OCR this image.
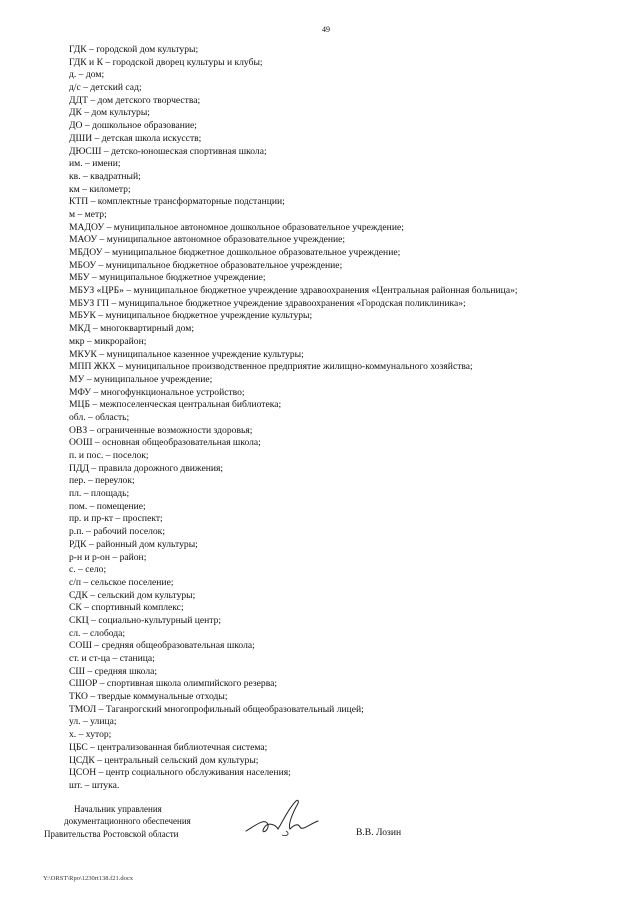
49
ГДК – городской дом культуры;
ГДК и К – городской дворец культуры и клубы;
д. – дом;
д/с – детский сад;
ДДТ – дом детского творчества;
ДК – дом культуры;
ДО – дошкольное образование;
ДШИ – детская школа искусств;
ДЮСШ – детско-юношеская спортивная школа;
им. – имени;
кв. – квадратный;
км – километр;
КТП – комплектные трансформаторные подстанции;
м – метр;
МАДОУ – муниципальное автономное дошкольное образовательное учреждение;
МАОУ – муниципальное автономное образовательное учреждение;
МБДОУ – муниципальное бюджетное дошкольное образовательное учреждение;
МБОУ – муниципальное бюджетное образовательное учреждение;
МБУ – муниципальное бюджетное учреждение;
МБУЗ «ЦРБ» – муниципальное бюджетное учреждение здравоохранения «Центральная районная больница»;
МБУЗ ГП – муниципальное бюджетное учреждение здравоохранения «Городская поликлиника»;
МБУК – муниципальное бюджетное учреждение культуры;
МКД – многоквартирный дом;
мкр – микрорайон;
МКУК – муниципальное казенное учреждение культуры;
МПП ЖКХ – муниципальное производственное предприятие жилищно-коммунального хозяйства;
МУ – муниципальное учреждение;
МФУ – многофункциональное устройство;
МЦБ – межпоселенческая центральная библиотека;
обл. – область;
ОВЗ – ограниченные возможности здоровья;
ООШ – основная общеобразовательная школа;
п. и пос. – поселок;
ПДД – правила дорожного движения;
пер. – переулок;
пл. – площадь;
пом. – помещение;
пр. и пр-кт – проспект;
р.п. – рабочий поселок;
РДК – районный дом культуры;
р-н и р-он – район;
с. – село;
с/п – сельское поселение;
СДК – сельский дом культуры;
СК – спортивный комплекс;
СКЦ – социально-культурный центр;
сл. – слобода;
СОШ – средняя общеобразовательная школа;
ст. и ст-ца – станица;
СШ – средняя школа;
СШОР – спортивная школа олимпийского резерва;
ТКО – твердые коммунальные отходы;
ТМОЛ – Таганрогский многопрофильный общеобразовательный лицей;
ул. – улица;
х. – хутор;
ЦБС – централизованная библиотечная система;
ЦСДК – центральный сельский дом культуры;
ЦСОН – центр социального обслуживания населения;
шт. – штука.
Начальник управления
документационного обеспечения
Правительства Ростовской области	В.В. Лозин
Y:\ORST\Rpo\1230rt138.f21.docx
